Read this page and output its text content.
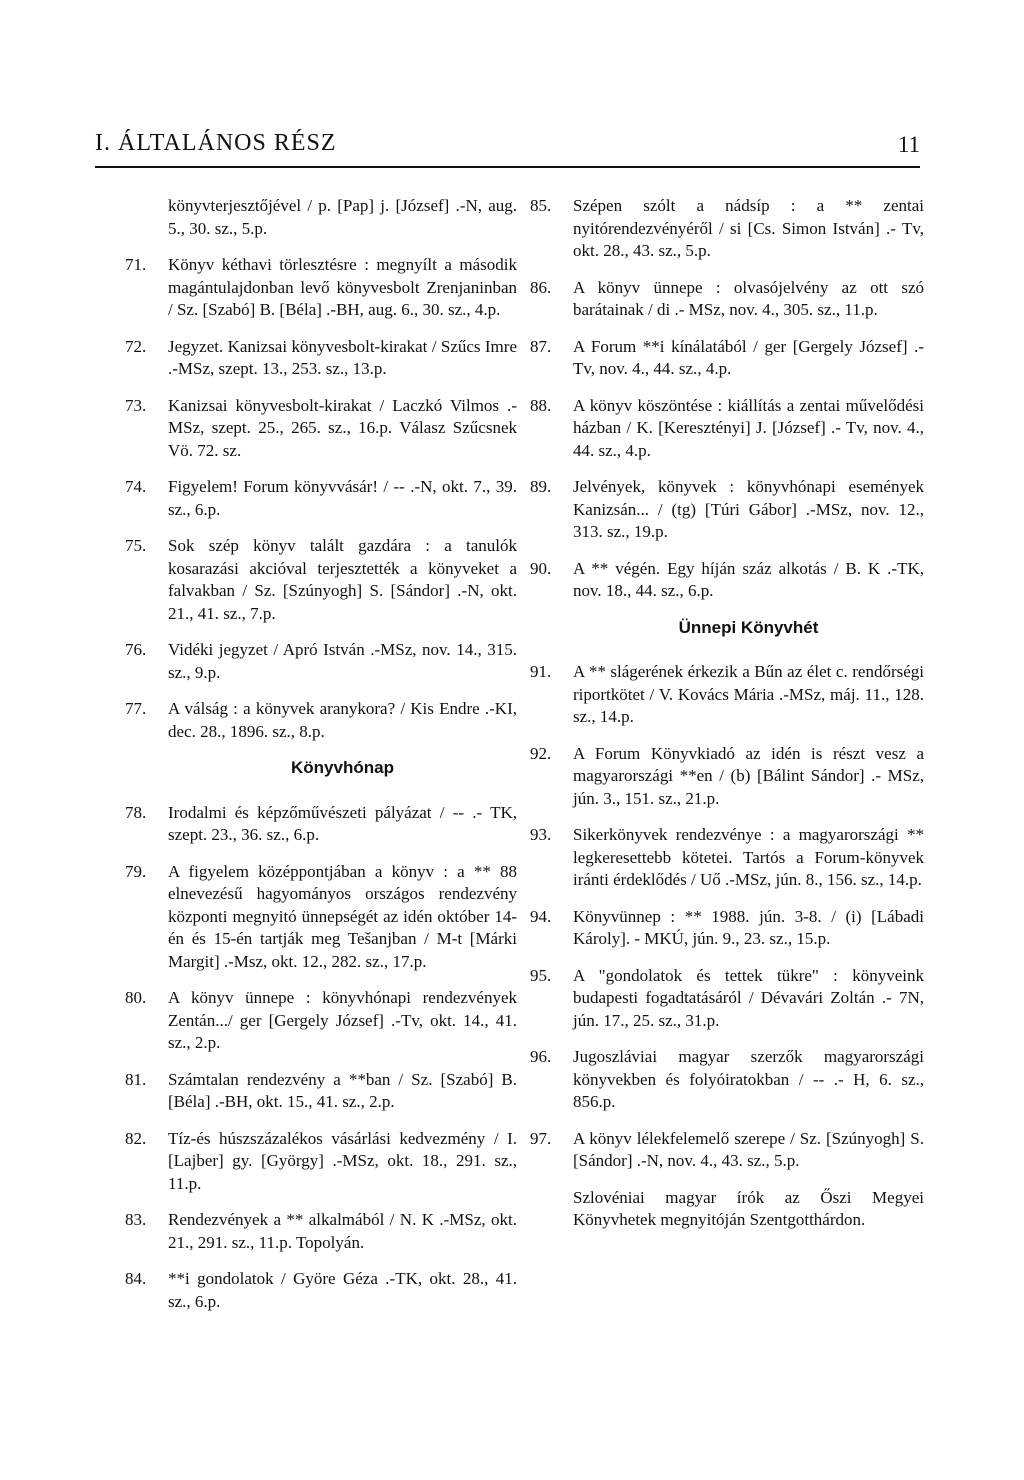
I. ÁLTALÁNOS RÉSZ	11
könyvterjesztőjével / p. [Pap] j. [József] .-N, aug. 5., 30. sz., 5.p.
71.	Könyv kéthavi törlesztésre : megnyílt a második magántulajdonban levő könyvesbolt Zrenjaninban / Sz. [Szabó] B. [Béla] .-BH, aug. 6., 30. sz., 4.p.
72.	Jegyzet. Kanizsai könyvesbolt-kirakat / Szűcs Imre .-MSz, szept. 13., 253. sz., 13.p.
73.	Kanizsai könyvesbolt-kirakat / Laczkó Vilmos .-MSz, szept. 25., 265. sz., 16.p. Válasz Szűcsnek Vö. 72. sz.
74.	Figyelem! Forum könyvvásár! / -- .-N, okt. 7., 39. sz., 6.p.
75.	Sok szép könyv talált gazdára : a tanulók kosarazási akcióval terjesztették a könyveket a falvakban / Sz. [Szúnyogh] S. [Sándor] .-N, okt. 21., 41. sz., 7.p.
76.	Vidéki jegyzet / Apró István .-MSz, nov. 14., 315. sz., 9.p.
77.	A válság : a könyvek aranykora? / Kis Endre .-KI, dec. 28., 1896. sz., 8.p.
Könyvhónap
78.	Irodalmi és képzőművészeti pályázat / -- .- TK, szept. 23., 36. sz., 6.p.
79.	A figyelem középpontjában a könyv : a ** 88 elnevezésű hagyományos országos rendezvény központi megnyitó ünnepségét az idén október 14-én és 15-én tartják meg Tešanjban / M-t [Márki Margit] .-Msz, okt. 12., 282. sz., 17.p.
80.	A könyv ünnepe : könyvhónapi rendezvények Zentán.../ ger [Gergely József] .-Tv, okt. 14., 41. sz., 2.p.
81.	Számtalan rendezvény a **ban / Sz. [Szabó] B. [Béla] .-BH, okt. 15., 41. sz., 2.p.
82.	Tíz-és húszszázalékos vásárlási kedvezmény / I. [Lajber] gy. [György] .-MSz, okt. 18., 291. sz., 11.p.
83.	Rendezvények a ** alkalmából / N. K .-MSz, okt. 21., 291. sz., 11.p. Topolyán.
84.	**i gondolatok / Györe Géza .-TK, okt. 28., 41. sz., 6.p.
85.	Szépen szólt a nádsíp : a ** zentai nyitórendezvényéről / si [Cs. Simon István] .- Tv, okt. 28., 43. sz., 5.p.
86.	A könyv ünnepe : olvasójelvény az ott szó barátainak / di .- MSz, nov. 4., 305. sz., 11.p.
87.	A Forum **i kínálatából / ger [Gergely József] .-Tv, nov. 4., 44. sz., 4.p.
88.	A könyv köszöntése : kiállítás a zentai művelődési házban / K. [Keresztényi] J. [József] .- Tv, nov. 4., 44. sz., 4.p.
89.	Jelvények, könyvek : könyvhónapi események Kanizsán... / (tg) [Túri Gábor] .-MSz, nov. 12., 313. sz., 19.p.
90.	A ** végén. Egy híján száz alkotás / B. K .-TK, nov. 18., 44. sz., 6.p.
Ünnepi Könyvhét
91.	A ** slágerének érkezik a Bűn az élet c. rendőrségi riportkötet / V. Kovács Mária .-MSz, máj. 11., 128. sz., 14.p.
92.	A Forum Könyvkiadó az idén is részt vesz a magyarországi **en / (b) [Bálint Sándor] .- MSz, jún. 3., 151. sz., 21.p.
93.	Sikerkönyvek rendezvénye : a magyarországi ** legkeresettebb kötetei. Tartós a Forum-könyvek iránti érdeklődés / Uő .-MSz, jún. 8., 156. sz., 14.p.
94.	Könyvünnep : ** 1988. jún. 3-8. / (i) [Lábadi Károly]. - MKÚ, jún. 9., 23. sz., 15.p.
95.	A "gondolatok és tettek tükre" : könyveink budapesti fogadtatásáról / Dévavári Zoltán .- 7N, jún. 17., 25. sz., 31.p.
96.	Jugoszláviai magyar szerzők magyarországi könyvekben és folyóiratokban / -- .- H, 6. sz., 856.p.
97.	A könyv lélekfelemelő szerepe / Sz. [Szúnyogh] S. [Sándor] .-N, nov. 4., 43. sz., 5.p.
Szlovéniai magyar írók az Őszi Megyei Könyvhetek megnyitóján Szentgotthárdon.
